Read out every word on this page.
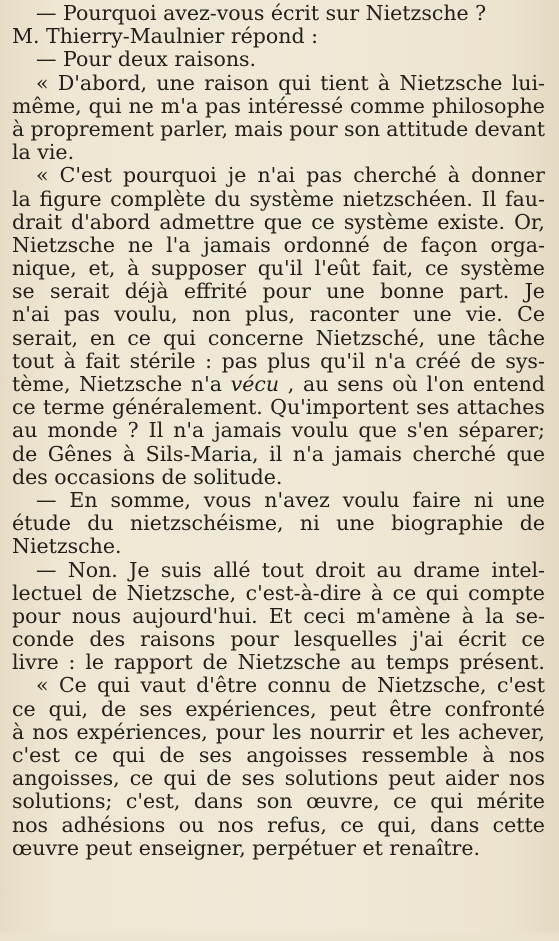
— Pourquoi avez-vous écrit sur Nietzsche ?
M. Thierry-Maulnier répond :
— Pour deux raisons.
« D'abord, une raison qui tient à Nietzsche lui-
même, qui ne m'a pas intéressé comme philosophe
à proprement parler, mais pour son attitude devant
la vie.
« C'est pourquoi je n'ai pas cherché à donner
la figure complète du système nietzschéen. Il fau-
drait d'abord admettre que ce système existe. Or,
Nietzsche ne l'a jamais ordonné de façon orga-
nique, et, à supposer qu'il l'eût fait, ce système
se serait déjà effrité pour une bonne part. Je
n'ai pas voulu, non plus, raconter une vie. Ce
serait, en ce qui concerne Nietzsché, une tâche
tout à fait stérile : pas plus qu'il n'a créé de sys-
tème, Nietzsche n'a vécu , au sens où l'on entend
ce terme généralement. Qu'importent ses attaches
au monde ? Il n'a jamais voulu que s'en séparer;
de Gênes à Sils-Maria, il n'a jamais cherché que
des occasions de solitude.
— En somme, vous n'avez voulu faire ni une
étude du nietzschéisme, ni une biographie de
Nietzsche.
— Non. Je suis allé tout droit au drame intel-
lectuel de Nietzsche, c'est-à-dire à ce qui compte
pour nous aujourd'hui. Et ceci m'amène à la se-
conde des raisons pour lesquelles j'ai écrit ce
livre : le rapport de Nietzsche au temps présent.
« Ce qui vaut d'être connu de Nietzsche, c'est
ce qui, de ses expériences, peut être confronté
à nos expériences, pour les nourrir et les achever,
c'est ce qui de ses angoisses ressemble à nos
angoisses, ce qui de ses solutions peut aider nos
solutions; c'est, dans son œuvre, ce qui mérite
nos adhésions ou nos refus, ce qui, dans cette
œuvre peut enseigner, perpétuer et renaître.
